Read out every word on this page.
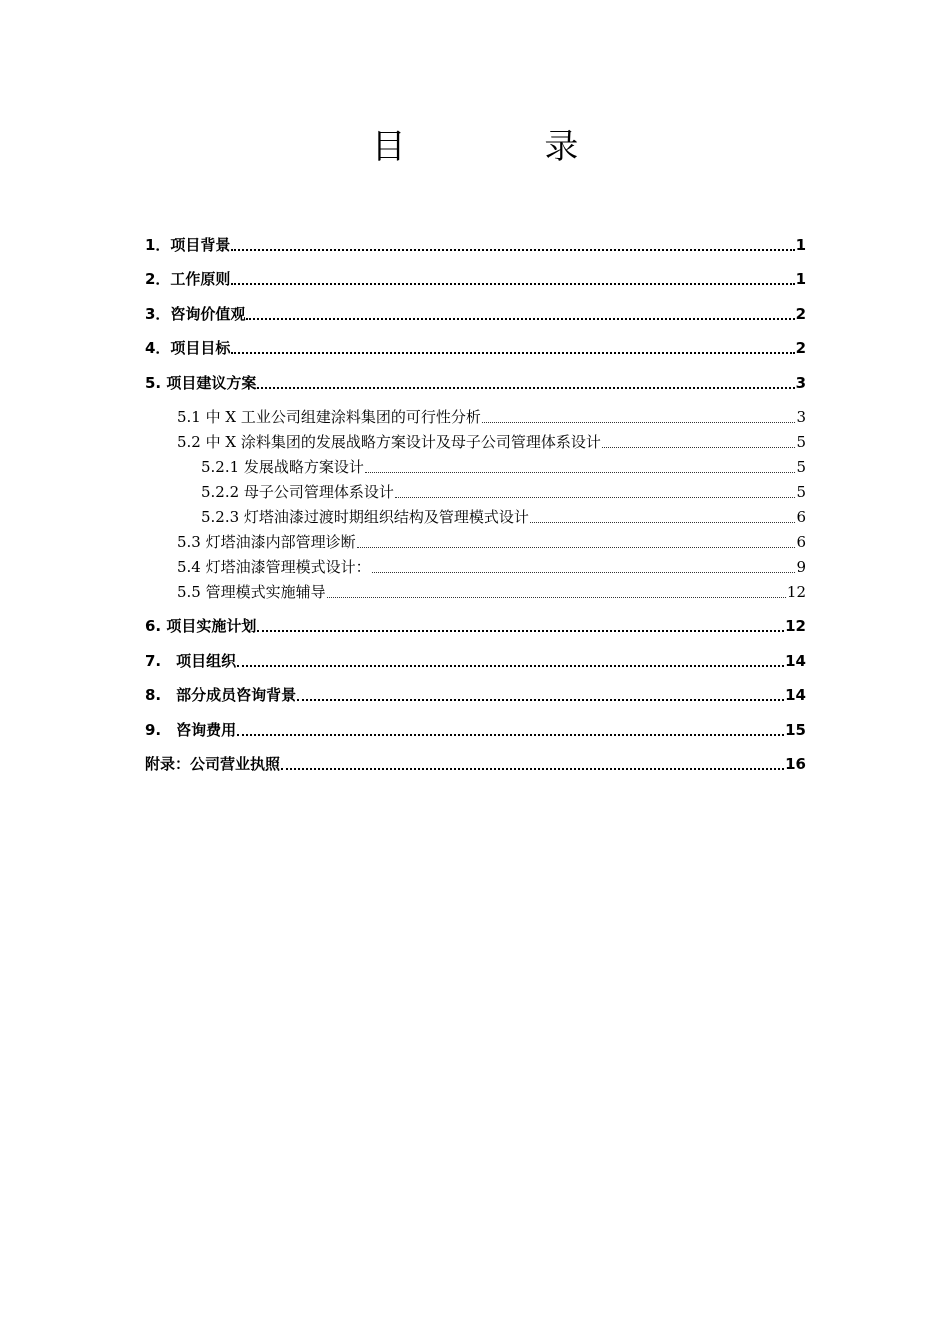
目 录
1．项目背景	1
2．工作原则	1
3．咨询价值观	2
4．项目目标	2
5. 项目建议方案	3
5.1 中 X 工业公司组建涂料集团的可行性分析	3
5.2 中 X 涂料集团的发展战略方案设计及母子公司管理体系设计	5
5.2.1 发展战略方案设计	5
5.2.2 母子公司管理体系设计	5
5.2.3 灯塔油漆过渡时期组织结构及管理模式设计	6
5.3 灯塔油漆内部管理诊断	6
5.4 灯塔油漆管理模式设计：	9
5.5 管理模式实施辅导	12
6. 项目实施计划	12
7.　项目组织	14
8.　部分成员咨询背景	14
9.　咨询费用	15
附录：公司营业执照	16
